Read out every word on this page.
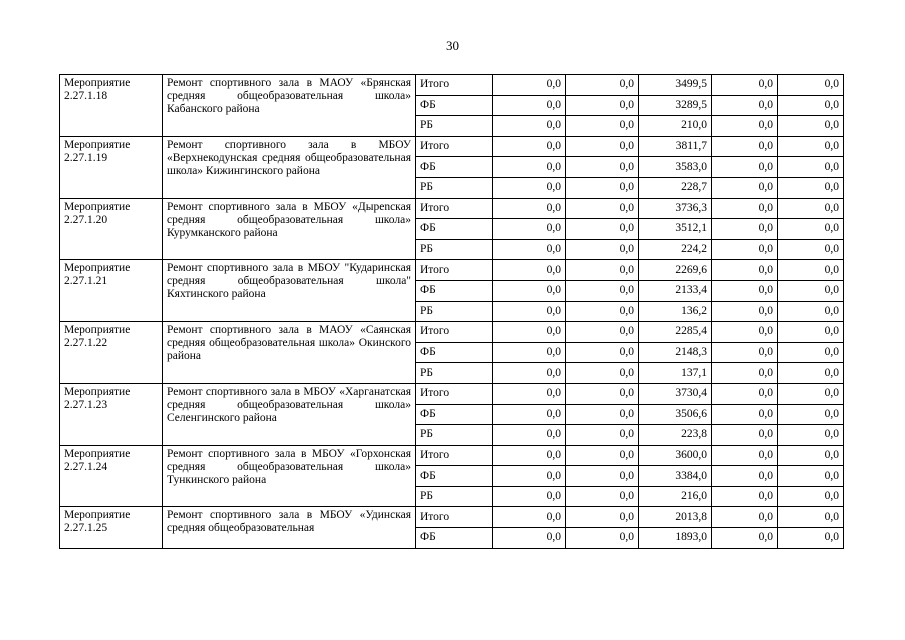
30
Мероприятие 2.27.1.18	Ремонт спортивного зала в МАОУ «Брянская средняя общеобразовательная школа» Кабанского района	Итого	0,0	0,0	3499,5	0,0	0,0
		ФБ	0,0	0,0	3289,5	0,0	0,0
		РБ	0,0	0,0	210,0	0,0	0,0
Мероприятие 2.27.1.19	Ремонт спортивного зала в МБОУ «Верхнекодунская средняя общеобразовательная школа» Кижингинского района	Итого	0,0	0,0	3811,7	0,0	0,0
		ФБ	0,0	0,0	3583,0	0,0	0,0
		РБ	0,0	0,0	228,7	0,0	0,0
Мероприятие 2.27.1.20	Ремонт спортивного зала в МБОУ «Дырenская средняя общеобразовательная школа» Курумканского района	Итого	0,0	0,0	3736,3	0,0	0,0
		ФБ	0,0	0,0	3512,1	0,0	0,0
		РБ	0,0	0,0	224,2	0,0	0,0
Мероприятие 2.27.1.21	Ремонт спортивного зала в МБОУ "Кударинская средняя общеобразовательная школа" Кяхтинского района	Итого	0,0	0,0	2269,6	0,0	0,0
		ФБ	0,0	0,0	2133,4	0,0	0,0
		РБ	0,0	0,0	136,2	0,0	0,0
Мероприятие 2.27.1.22	Ремонт спортивного зала в МАОУ «Саянская средняя общеобразовательная школа» Окинского района	Итого	0,0	0,0	2285,4	0,0	0,0
		ФБ	0,0	0,0	2148,3	0,0	0,0
		РБ	0,0	0,0	137,1	0,0	0,0
Мероприятие 2.27.1.23	Ремонт спортивного зала в МБОУ «Харганатская средняя общеобразовательная школа» Селенгинского района	Итого	0,0	0,0	3730,4	0,0	0,0
		ФБ	0,0	0,0	3506,6	0,0	0,0
		РБ	0,0	0,0	223,8	0,0	0,0
Мероприятие 2.27.1.24	Ремонт спортивного зала в МБОУ «Горхонская средняя общеобразовательная школа» Тункинского района	Итого	0,0	0,0	3600,0	0,0	0,0
		ФБ	0,0	0,0	3384,0	0,0	0,0
		РБ	0,0	0,0	216,0	0,0	0,0
Мероприятие 2.27.1.25	Ремонт спортивного зала в МБОУ «Удинская средняя общеобразовательная	Итого	0,0	0,0	2013,8	0,0	0,0
		ФБ	0,0	0,0	1893,0	0,0	0,0
